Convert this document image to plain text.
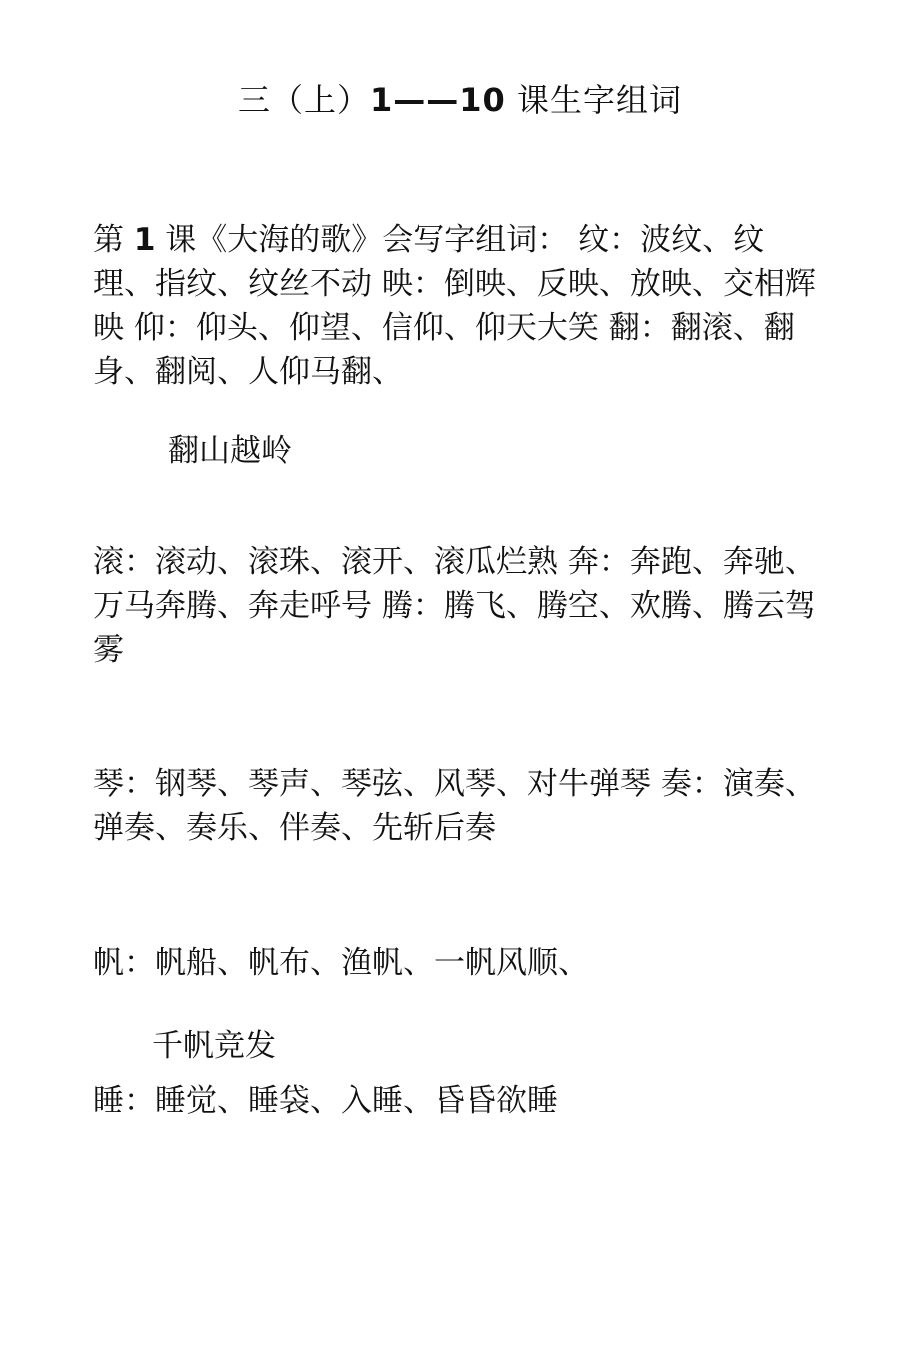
三（上）1——10 课生字组词

第 1 课《大海的歌》会写字组词： 纹：波纹、纹理、指纹、纹丝不动 映：倒映、反映、放映、交相辉映 仰：仰头、仰望、信仰、仰天大笑 翻：翻滚、翻身、翻阅、人仰马翻、

翻山越岭

滚：滚动、滚珠、滚开、滚瓜烂熟 奔：奔跑、奔驰、万马奔腾、奔走呼号 腾：腾飞、腾空、欢腾、腾云驾雾

琴：钢琴、琴声、琴弦、风琴、对牛弹琴 奏：演奏、弹奏、奏乐、伴奏、先斩后奏

帆：帆船、帆布、渔帆、一帆风顺、

千帆竞发

睡：睡觉、睡袋、入睡、昏昏欲睡
